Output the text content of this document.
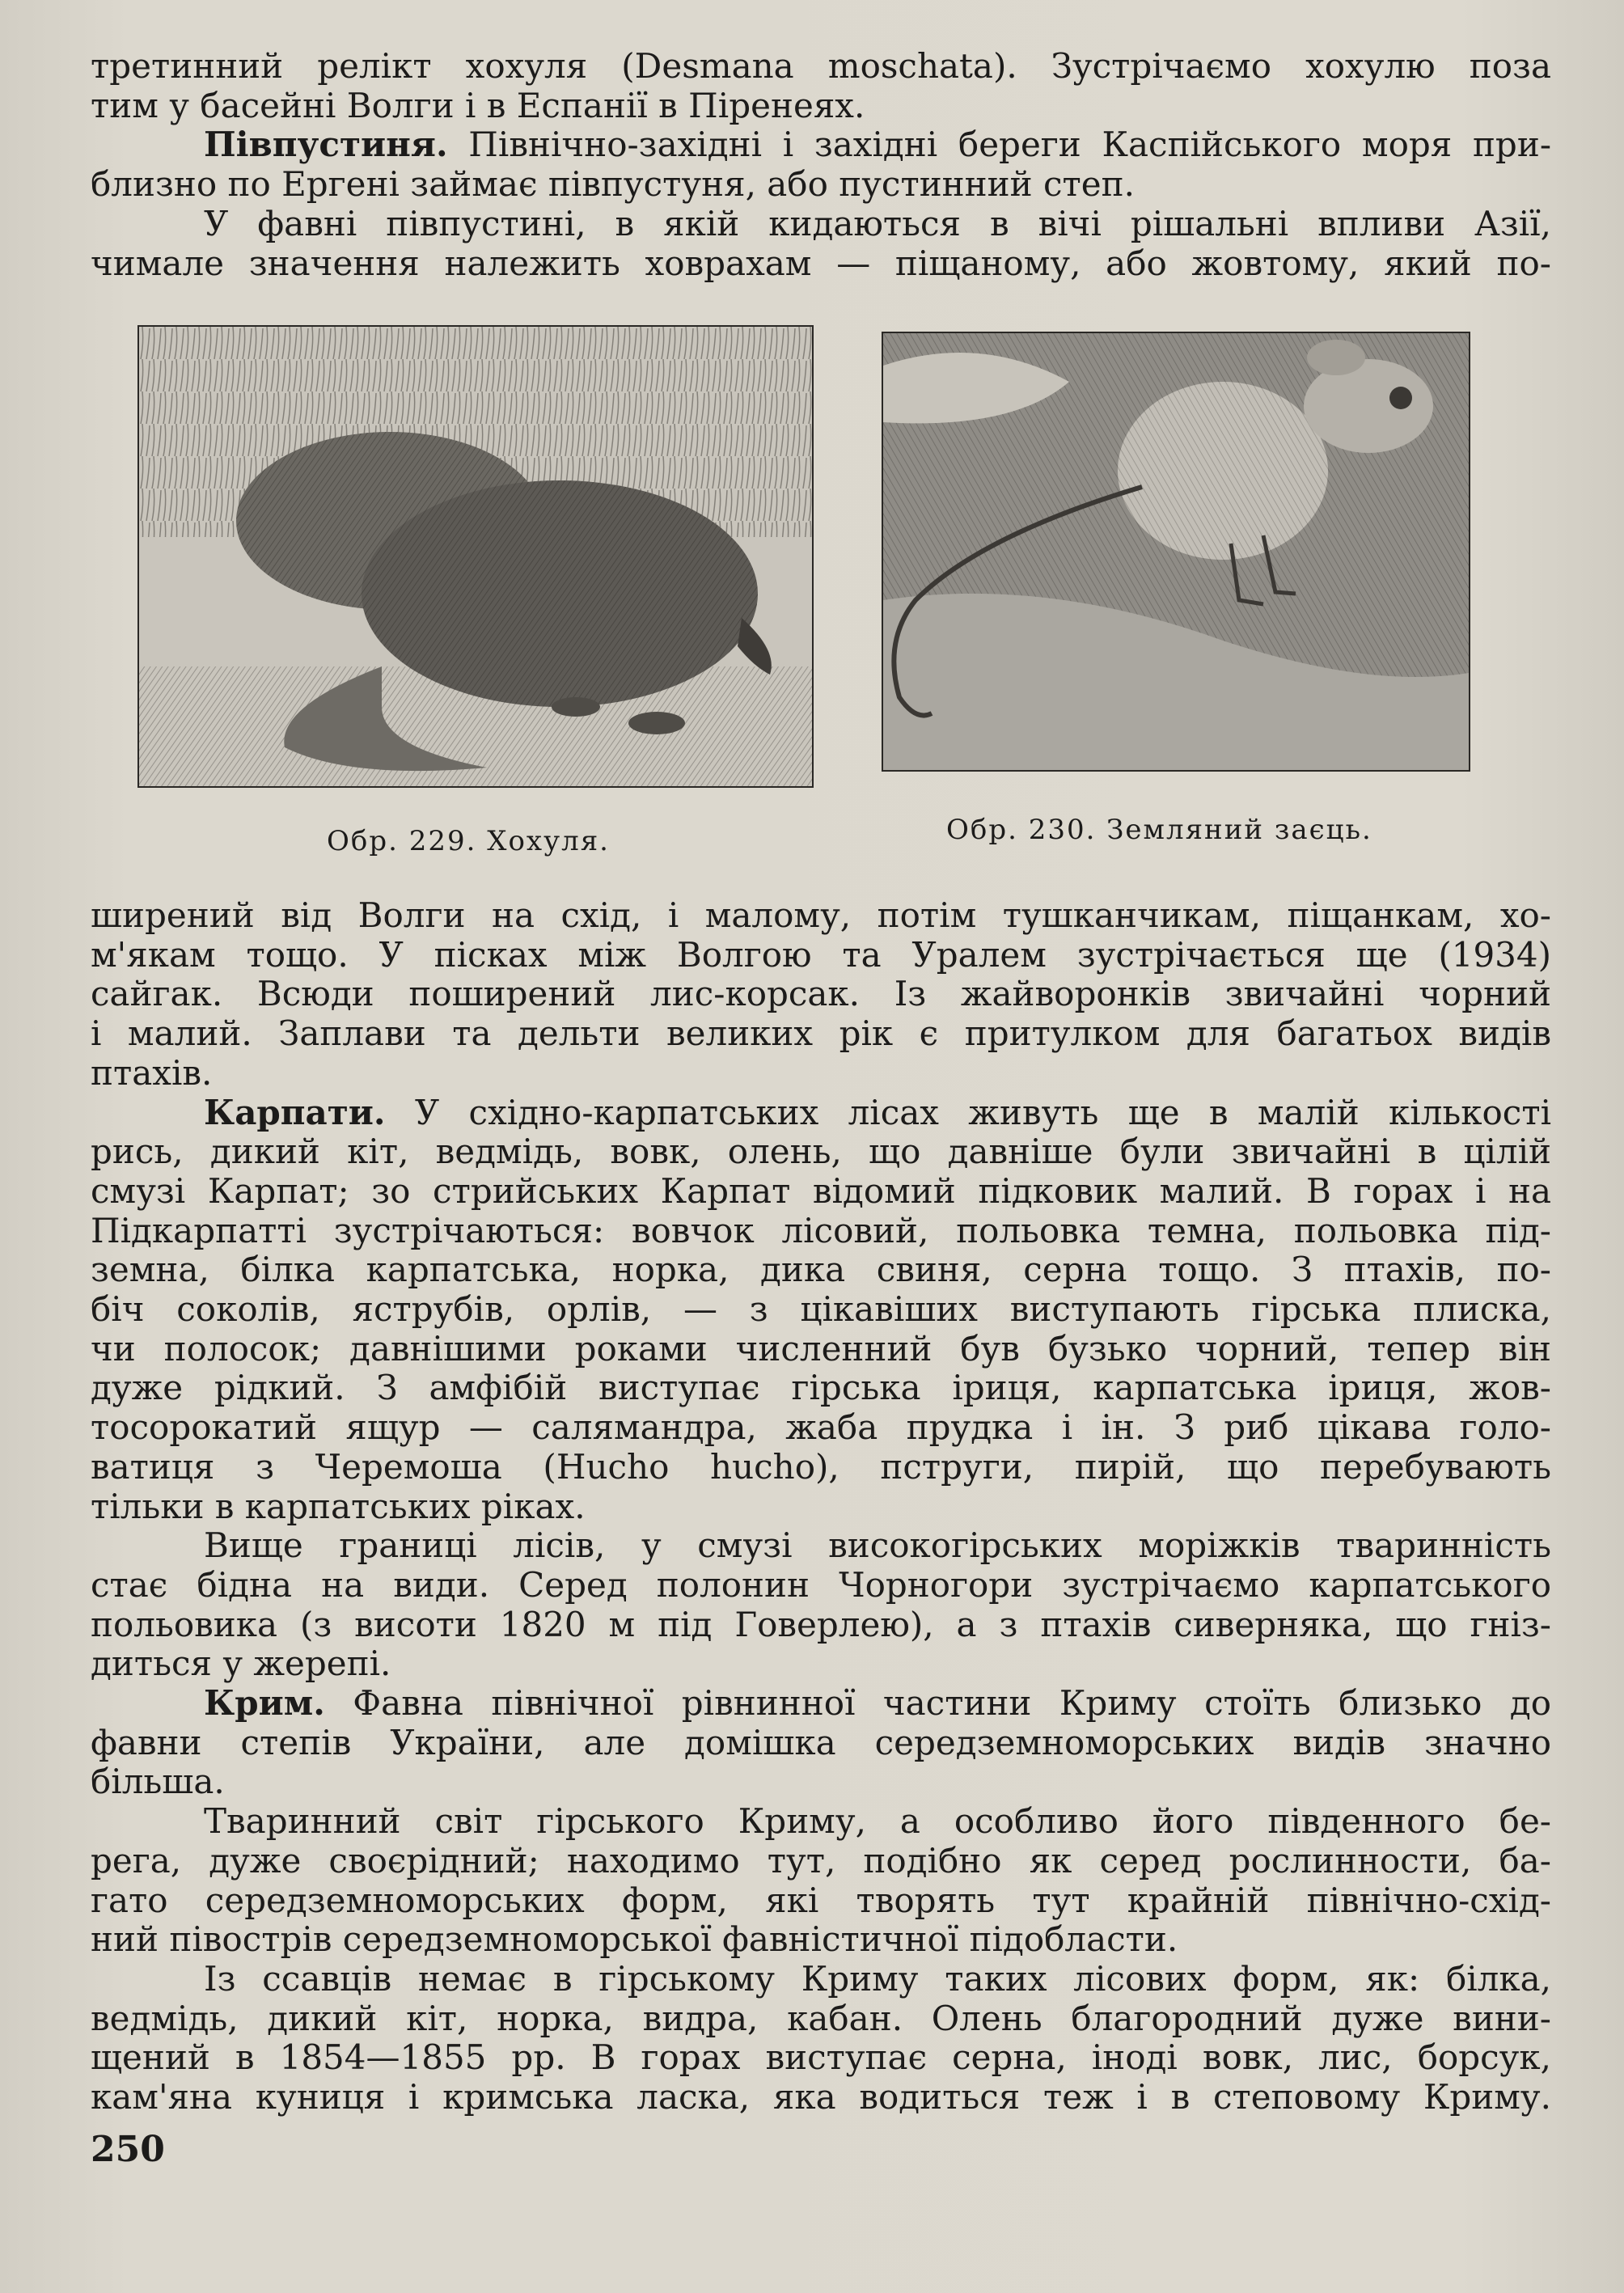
третинний релікт хохуля (Desmana moschata). Зустрічаємо хохулю поза
тим у басейні Волги і в Еспанії в Піренеях.
Півпустиня. Північно-західні і західні береги Каспійського моря при-
близно по Ергені займає півпустуня, або пустинний степ.
У фавні півпустині, в якій кидаються в вічі рішальні впливи Азії,
чимале значення належить ховрахам — піщаному, або жовтому, який по-
Обр. 229. Хохуля.	Обр. 230. Земляний заєць.
ширений від Волги на схід, і малому, потім тушканчикам, піщанкам, хо-
м'якам тощо. У пісках між Волгою та Уралем зустрічається ще (1934)
сайгак. Всюди поширений лис-корсак. Із жайворонків звичайні чорний
і малий. Заплави та дельти великих рік є притулком для багатьох видів
птахів.
Карпати. У східно-карпатських лісах живуть ще в малій кількості
рись, дикий кіт, ведмідь, вовк, олень, що давніше були звичайні в цілій
смузі Карпат; зо стрийських Карпат відомий підковик малий. В горах і на
Підкарпатті зустрічаються: вовчок лісовий, польовка темна, польовка під-
земна, білка карпатська, норка, дика свиня, серна тощо. З птахів, по-
біч соколів, яструбів, орлів, — з цікавіших виступають гірська плиска,
чи полосок; давнішими роками численний був бузько чорний, тепер він
дуже рідкий. З амфібій виступає гірська іриця, карпатська іриця, жов-
тосорокатий ящур — салямандра, жаба прудка і ін. З риб цікава голо-
ватиця з Черемоша (Hucho hucho), пструги, пирій, що перебувають
тільки в карпатських ріках.
Вище границі лісів, у смузі високогірських моріжків тваринність
стає бідна на види. Серед полонин Чорногори зустрічаємо карпатського
польовика (з висоти 1820 м під Говерлею), а з птахів сиверняка, що гніз-
диться у жерепі.
Крим. Фавна північної рівнинної частини Криму стоїть близько до
фавни степів України, але домішка середземноморських видів значно
більша.
Тваринний світ гірського Криму, а особливо його південного бе-
рега, дуже своєрідний; находимо тут, подібно як серед рослинности, ба-
гато середземноморських форм, які творять тут крайній північно-схід-
ний півострів середземноморської фавністичної підобласти.
Із ссавців немає в гірському Криму таких лісових форм, як: білка,
ведмідь, дикий кіт, норка, видра, кабан. Олень благородний дуже вини-
щений в 1854—1855 рр. В горах виступає серна, іноді вовк, лис, борсук,
кам'яна куниця і кримська ласка, яка водиться теж і в степовому Криму.
250
